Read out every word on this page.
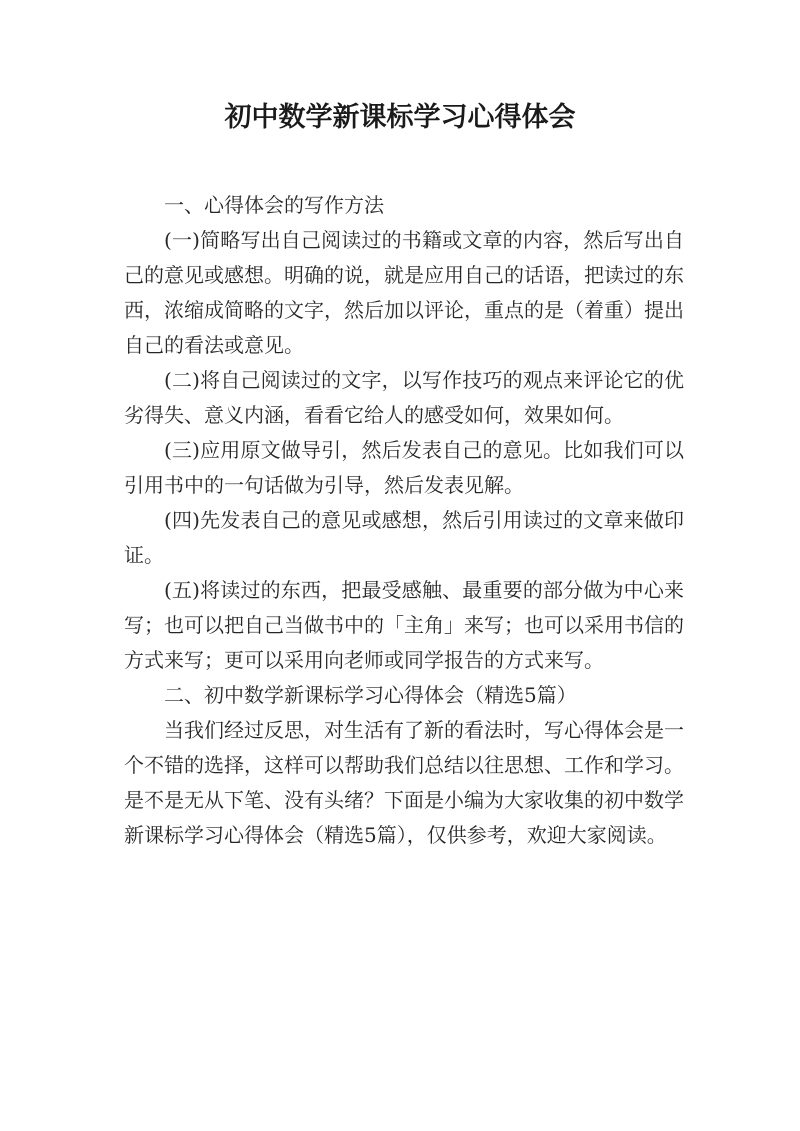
初中数学新课标学习心得体会

一、心得体会的写作方法

(一)简略写出自己阅读过的书籍或文章的内容，然后写出自己的意见或感想。明确的说，就是应用自己的话语，把读过的东西，浓缩成简略的文字，然后加以评论，重点的是（着重）提出自己的看法或意见。

(二)将自己阅读过的文字，以写作技巧的观点来评论它的优劣得失、意义内涵，看看它给人的感受如何，效果如何。

(三)应用原文做导引，然后发表自己的意见。比如我们可以引用书中的一句话做为引导，然后发表见解。

(四)先发表自己的意见或感想，然后引用读过的文章来做印证。

(五)将读过的东西，把最受感触、最重要的部分做为中心来写；也可以把自己当做书中的「主角」来写；也可以采用书信的方式来写；更可以采用向老师或同学报告的方式来写。

二、初中数学新课标学习心得体会（精选5篇）

当我们经过反思，对生活有了新的看法时，写心得体会是一个不错的选择，这样可以帮助我们总结以往思想、工作和学习。是不是无从下笔、没有头绪？下面是小编为大家收集的初中数学新课标学习心得体会（精选5篇），仅供参考，欢迎大家阅读。
